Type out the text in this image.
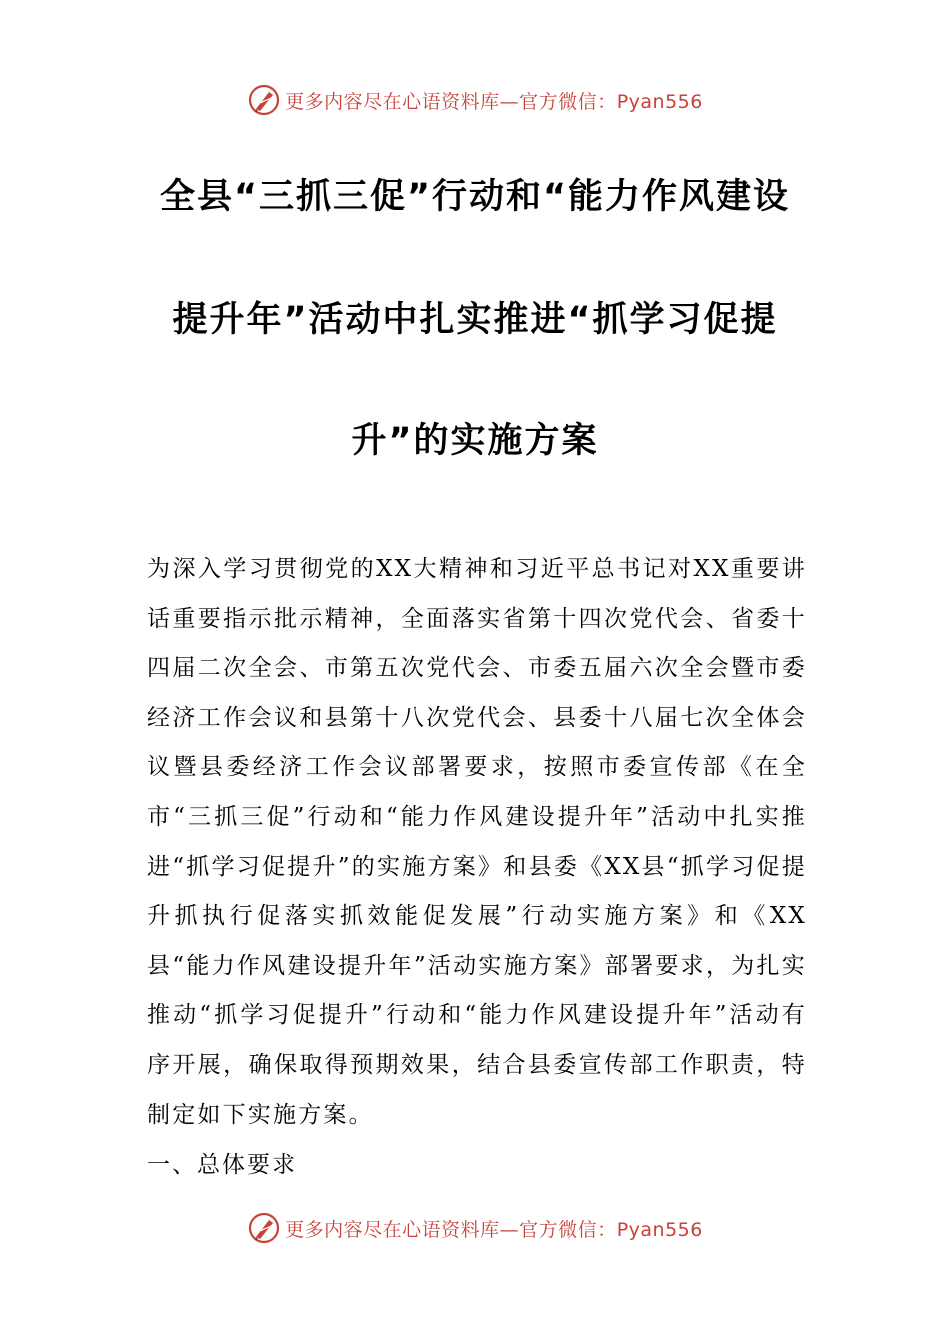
更多内容尽在心语资料库—官方微信：Pyan556
全县“三抓三促”行动和“能力作风建设
提升年”活动中扎实推进“抓学习促提
升”的实施方案

为深入学习贯彻党的XX大精神和习近平总书记对XX重要讲话重要指示批示精神，全面落实省第十四次党代会、省委十四届二次全会、市第五次党代会、市委五届六次全会暨市委经济工作会议和县第十八次党代会、县委十八届七次全体会议暨县委经济工作会议部署要求，按照市委宣传部《在全市“三抓三促”行动和“能力作风建设提升年”活动中扎实推进“抓学习促提升”的实施方案》和县委《XX县“抓学习促提升抓执行促落实抓效能促发展”行动实施方案》和《XX县“能力作风建设提升年”活动实施方案》部署要求，为扎实推动“抓学习促提升”行动和“能力作风建设提升年”活动有序开展，确保取得预期效果，结合县委宣传部工作职责，特制定如下实施方案。

一、总体要求

更多内容尽在心语资料库—官方微信：Pyan556
